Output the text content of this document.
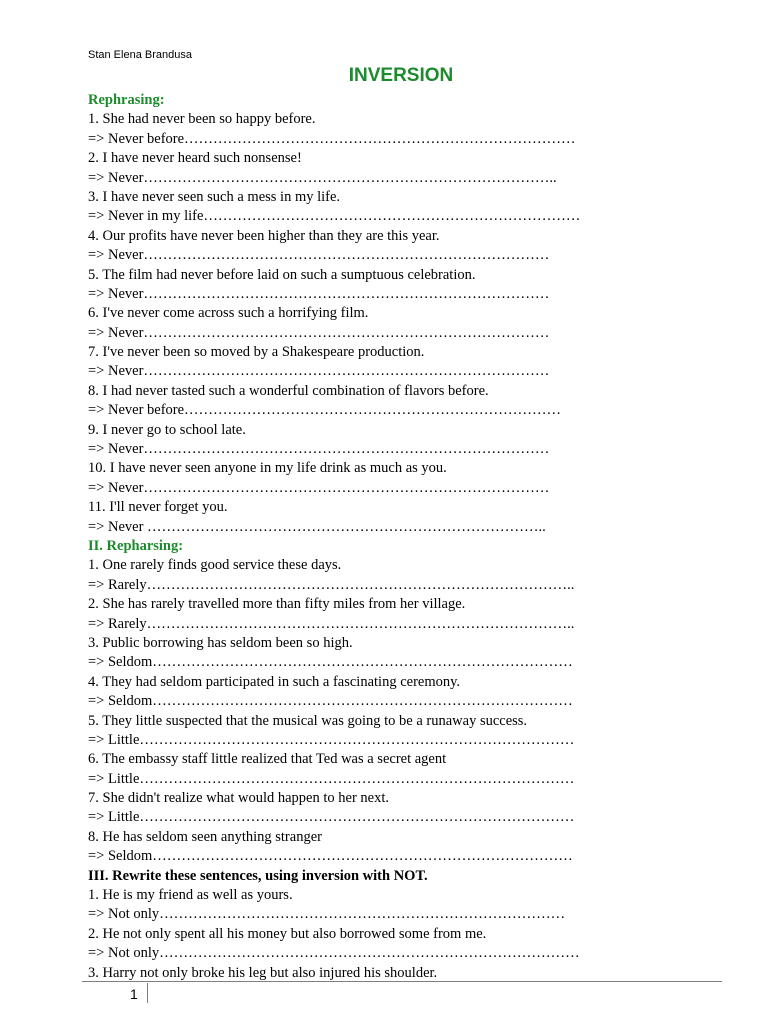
Stan Elena Brandusa
INVERSION
Rephrasing:
1. She had never been so happy before.
=> Never before………………………………………………………………………
2. I have never heard such nonsense!
=> Never…………………………………………………………………………..
3. I have never seen such a mess in my life.
=> Never in my life……………………………………………………………………
4. Our profits have never been higher than they are this year.
=> Never…………………………………………………………………………
5. The film had never before laid on such a sumptuous celebration.
=> Never…………………………………………………………………………
6. I've never come across such a horrifying film.
=> Never…………………………………………………………………………
7. I've never been so moved by a Shakespeare production.
=> Never…………………………………………………………………………
8. I had never tasted such a wonderful combination of flavors before.
=> Never before……………………………………………………………………
9. I never go to school late.
=> Never…………………………………………………………………………
10. I have never seen anyone in my life drink as much as you.
=> Never…………………………………………………………………………
11. I'll never forget you.
=> Never ………………………………………………………………………..
II. Repharsing:
1. One rarely finds good service these days.
=> Rarely……………………………………………………………………………..
2. She has rarely travelled more than fifty miles from her village.
=> Rarely……………………………………………………………………………..
3. Public borrowing has seldom been so high.
=> Seldom……………………………………………………………………………
4. They had seldom participated in such a fascinating ceremony.
=> Seldom……………………………………………………………………………
5. They little suspected that the musical was going to be a runaway success.
=> Little………………………………………………………………………………
6. The embassy staff little realized that Ted was a secret agent
=> Little………………………………………………………………………………
7. She didn't realize what would happen to her next.
=> Little………………………………………………………………………………
8. He has seldom seen anything stranger
=> Seldom……………………………………………………………………………
III. Rewrite these sentences, using inversion with NOT.
1. He is my friend as well as yours.
=> Not only…………………………………………………………………………
2. He not only spent all his money but also borrowed some from me.
=> Not only……………………………………………………………………………
3. Harry not only broke his leg but also injured his shoulder.
1
